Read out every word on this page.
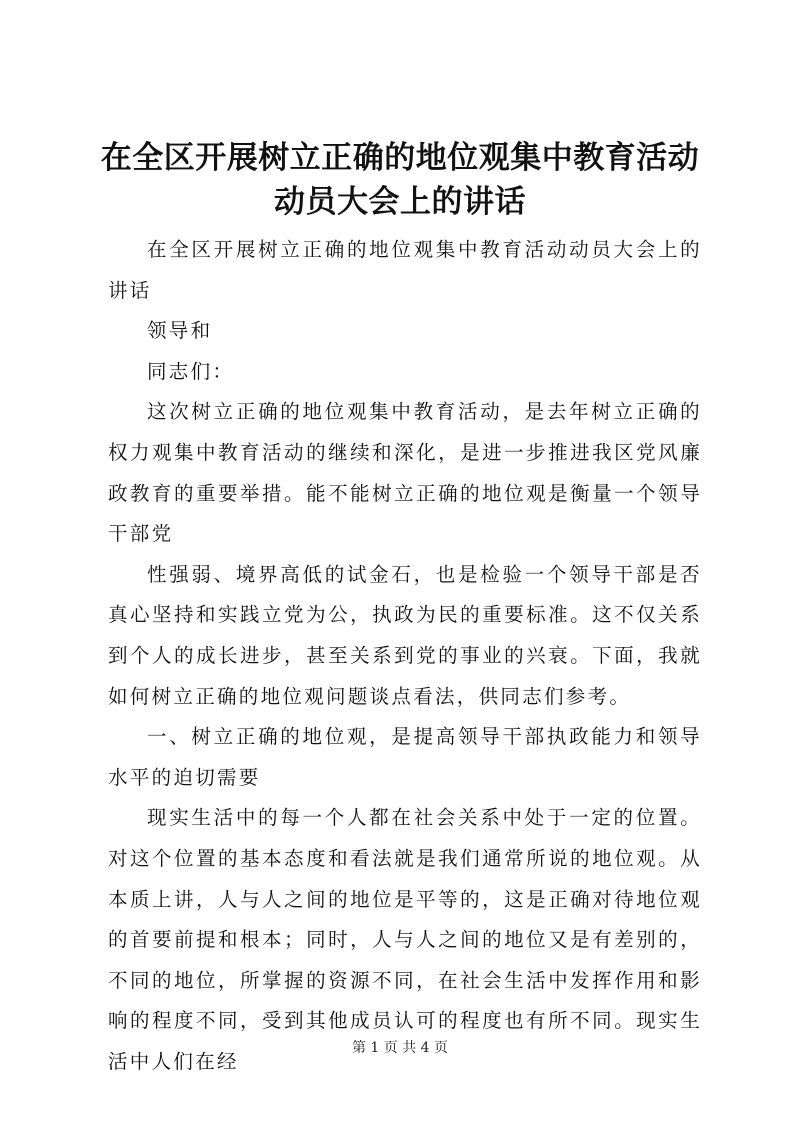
在全区开展树立正确的地位观集中教育活动动员大会上的讲话

在全区开展树立正确的地位观集中教育活动动员大会上的讲话

领导和

同志们：

这次树立正确的地位观集中教育活动，是去年树立正确的权力观集中教育活动的继续和深化，是进一步推进我区党风廉政教育的重要举措。能不能树立正确的地位观是衡量一个领导干部党

性强弱、境界高低的试金石，也是检验一个领导干部是否真心坚持和实践立党为公，执政为民的重要标准。这不仅关系到个人的成长进步，甚至关系到党的事业的兴衰。下面，我就如何树立正确的地位观问题谈点看法，供同志们参考。

一、树立正确的地位观，是提高领导干部执政能力和领导水平的迫切需要

现实生活中的每一个人都在社会关系中处于一定的位置。对这个位置的基本态度和看法就是我们通常所说的地位观。从本质上讲，人与人之间的地位是平等的，这是正确对待地位观的首要前提和根本；同时，人与人之间的地位又是有差别的，不同的地位，所掌握的资源不同，在社会生活中发挥作用和影响的程度不同，受到其他成员认可的程度也有所不同。现实生活中人们在经

第 1 页 共 4 页
